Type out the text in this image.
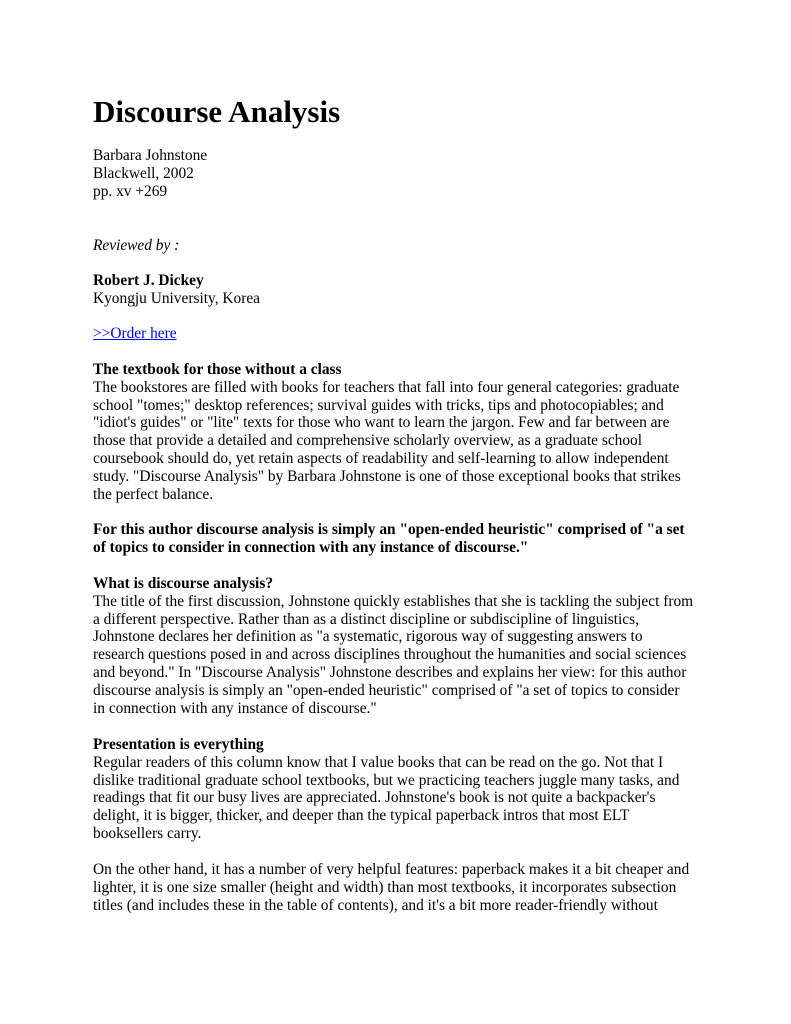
Discourse Analysis
Barbara Johnstone
Blackwell, 2002
pp. xv +269
Reviewed by :
Robert J. Dickey
Kyongju University, Korea
>>Order here
The textbook for those without a class
The bookstores are filled with books for teachers that fall into four general categories: graduate
school "tomes;" desktop references; survival guides with tricks, tips and photocopiables; and
"idiot's guides" or "lite" texts for those who want to learn the jargon. Few and far between are
those that provide a detailed and comprehensive scholarly overview, as a graduate school
coursebook should do, yet retain aspects of readability and self-learning to allow independent
study. "Discourse Analysis" by Barbara Johnstone is one of those exceptional books that strikes
the perfect balance.
For this author discourse analysis is simply an "open-ended heuristic" comprised of "a set
of topics to consider in connection with any instance of discourse."
What is discourse analysis?
The title of the first discussion, Johnstone quickly establishes that she is tackling the subject from
a different perspective. Rather than as a distinct discipline or subdiscipline of linguistics,
Johnstone declares her definition as "a systematic, rigorous way of suggesting answers to
research questions posed in and across disciplines throughout the humanities and social sciences
and beyond." In "Discourse Analysis" Johnstone describes and explains her view: for this author
discourse analysis is simply an "open-ended heuristic" comprised of "a set of topics to consider
in connection with any instance of discourse."
Presentation is everything
Regular readers of this column know that I value books that can be read on the go. Not that I
dislike traditional graduate school textbooks, but we practicing teachers juggle many tasks, and
readings that fit our busy lives are appreciated. Johnstone's book is not quite a backpacker's
delight, it is bigger, thicker, and deeper than the typical paperback intros that most ELT
booksellers carry.
On the other hand, it has a number of very helpful features: paperback makes it a bit cheaper and
lighter, it is one size smaller (height and width) than most textbooks, it incorporates subsection
titles (and includes these in the table of contents), and it's a bit more reader-friendly without
